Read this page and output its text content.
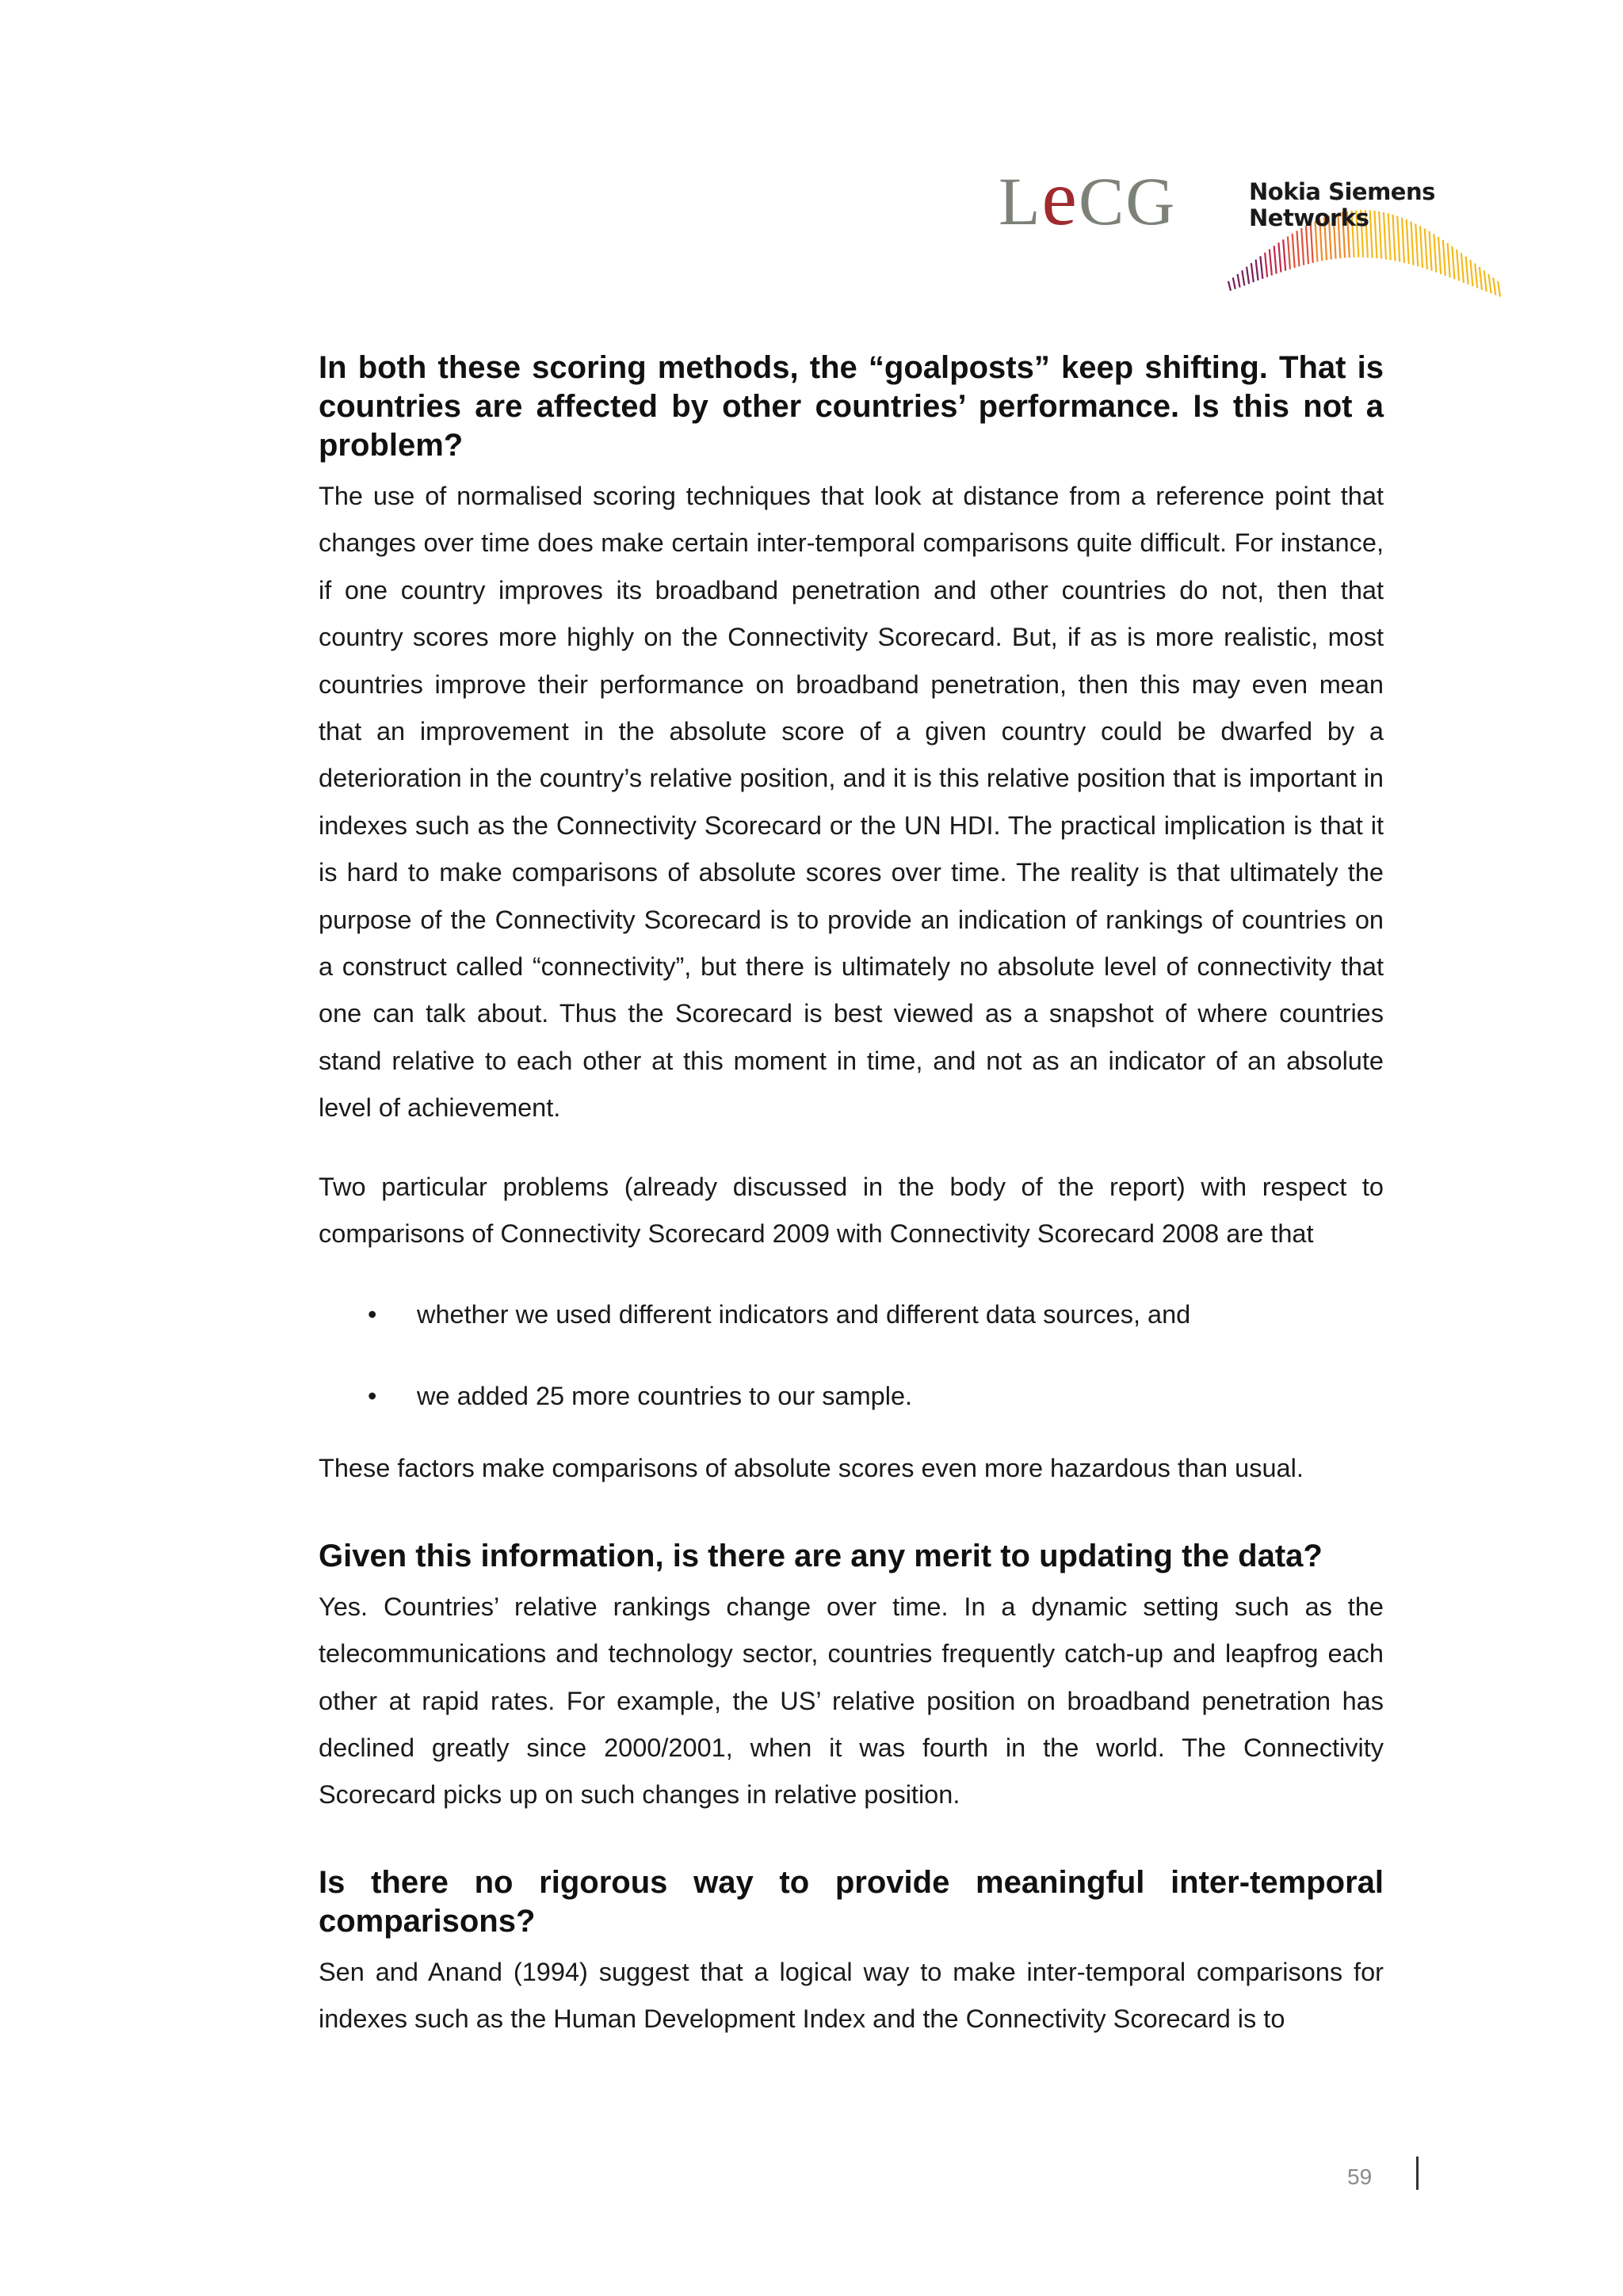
LeCG	Nokia Siemens
Networks
In both these scoring methods, the “goalposts” keep shifting. That is countries are affected by other countries’ performance. Is this not a problem?

The use of normalised scoring techniques that look at distance from a reference point that changes over time does make certain inter-temporal comparisons quite difficult. For instance, if one country improves its broadband penetration and other countries do not, then that country scores more highly on the Connectivity Scorecard. But, if as is more realistic, most countries improve their performance on broadband penetration, then this may even mean that an improvement in the absolute score of a given country could be dwarfed by a deterioration in the country’s relative position, and it is this relative position that is important in indexes such as the Connectivity Scorecard or the UN HDI. The practical implication is that it is hard to make comparisons of absolute scores over time. The reality is that ultimately the purpose of the Connectivity Scorecard is to provide an indication of rankings of countries on a construct called “connectivity”, but there is ultimately no absolute level of connectivity that one can talk about. Thus the Scorecard is best viewed as a snapshot of where countries stand relative to each other at this moment in time, and not as an indicator of an absolute level of achievement.

Two particular problems (already discussed in the body of the report) with respect to comparisons of Connectivity Scorecard 2009 with Connectivity Scorecard 2008 are that

• whether we used different indicators and different data sources, and
• we added 25 more countries to our sample.

These factors make comparisons of absolute scores even more hazardous than usual.

Given this information, is there are any merit to updating the data?

Yes. Countries’ relative rankings change over time. In a dynamic setting such as the telecommunications and technology sector, countries frequently catch-up and leapfrog each other at rapid rates. For example, the US’ relative position on broadband penetration has declined greatly since 2000/2001, when it was fourth in the world. The Connectivity Scorecard picks up on such changes in relative position.

Is there no rigorous way to provide meaningful inter-temporal comparisons?

Sen and Anand (1994) suggest that a logical way to make inter-temporal comparisons for indexes such as the Human Development Index and the Connectivity Scorecard is to

59
